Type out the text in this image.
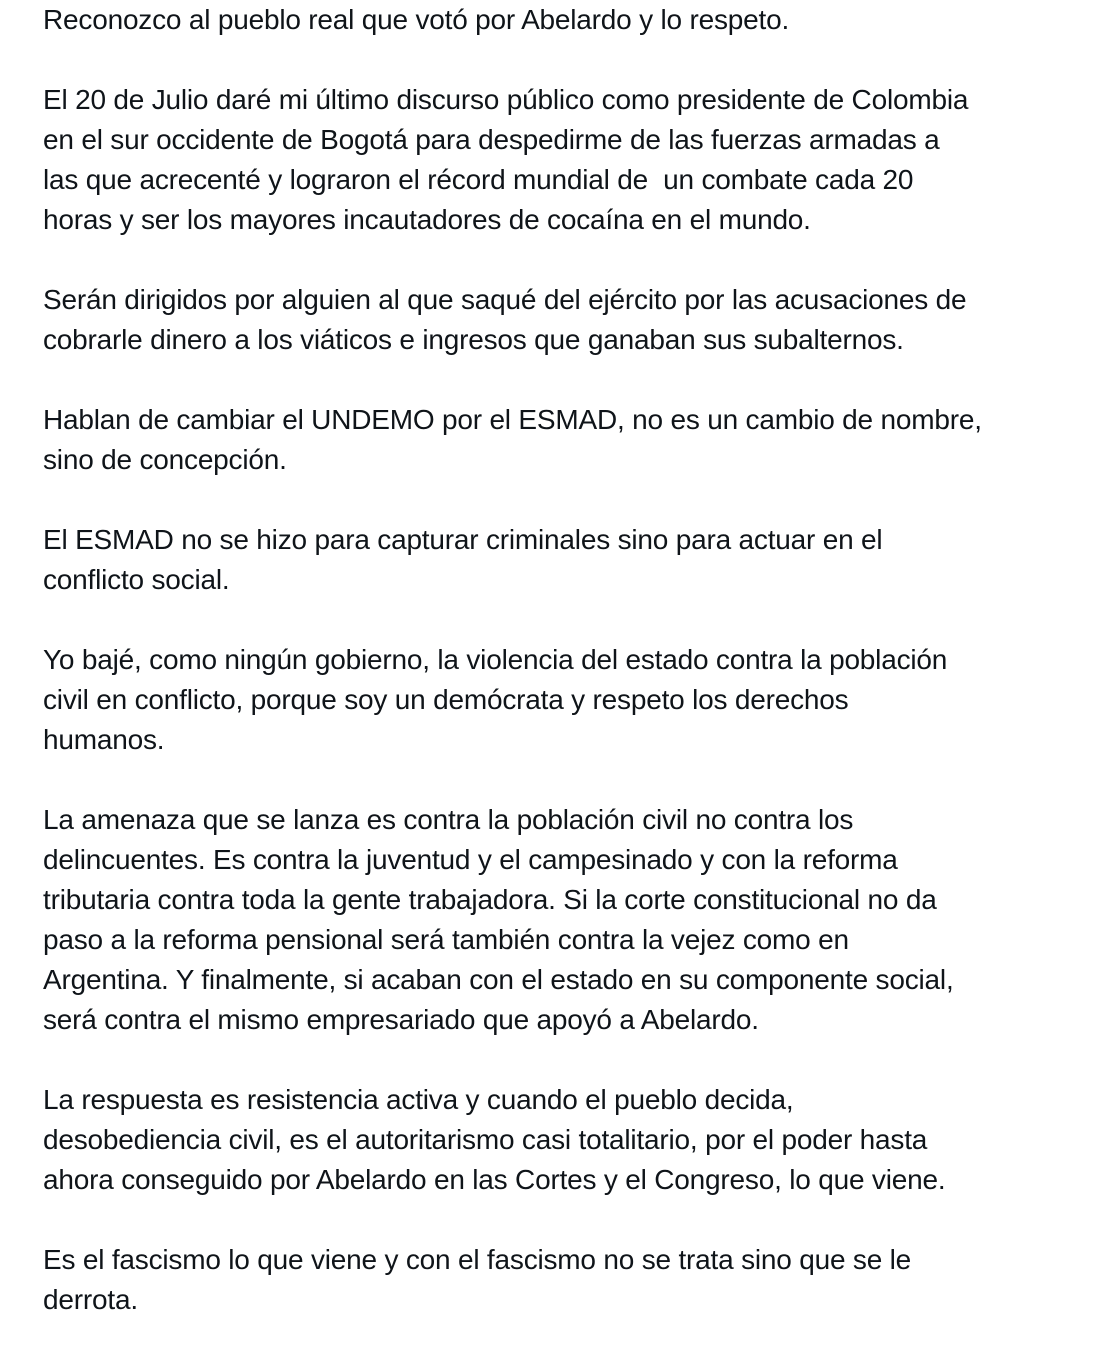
Reconozco al pueblo real que votó por Abelardo y lo respeto.
El 20 de Julio daré mi último discurso público como presidente de Colombia
en el sur occidente de Bogotá para despedirme de las fuerzas armadas a
las que acrecenté y lograron el récord mundial de  un combate cada 20
horas y ser los mayores incautadores de cocaína en el mundo.
Serán dirigidos por alguien al que saqué del ejército por las acusaciones de
cobrarle dinero a los viáticos e ingresos que ganaban sus subalternos.
Hablan de cambiar el UNDEMO por el ESMAD, no es un cambio de nombre,
sino de concepción.
El ESMAD no se hizo para capturar criminales sino para actuar en el
conflicto social.
Yo bajé, como ningún gobierno, la violencia del estado contra la población
civil en conflicto, porque soy un demócrata y respeto los derechos
humanos.
La amenaza que se lanza es contra la población civil no contra los
delincuentes. Es contra la juventud y el campesinado y con la reforma
tributaria contra toda la gente trabajadora. Si la corte constitucional no da
paso a la reforma pensional será también contra la vejez como en
Argentina. Y finalmente, si acaban con el estado en su componente social,
será contra el mismo empresariado que apoyó a Abelardo.
La respuesta es resistencia activa y cuando el pueblo decida,
desobediencia civil, es el autoritarismo casi totalitario, por el poder hasta
ahora conseguido por Abelardo en las Cortes y el Congreso, lo que viene.
Es el fascismo lo que viene y con el fascismo no se trata sino que se le
derrota.
